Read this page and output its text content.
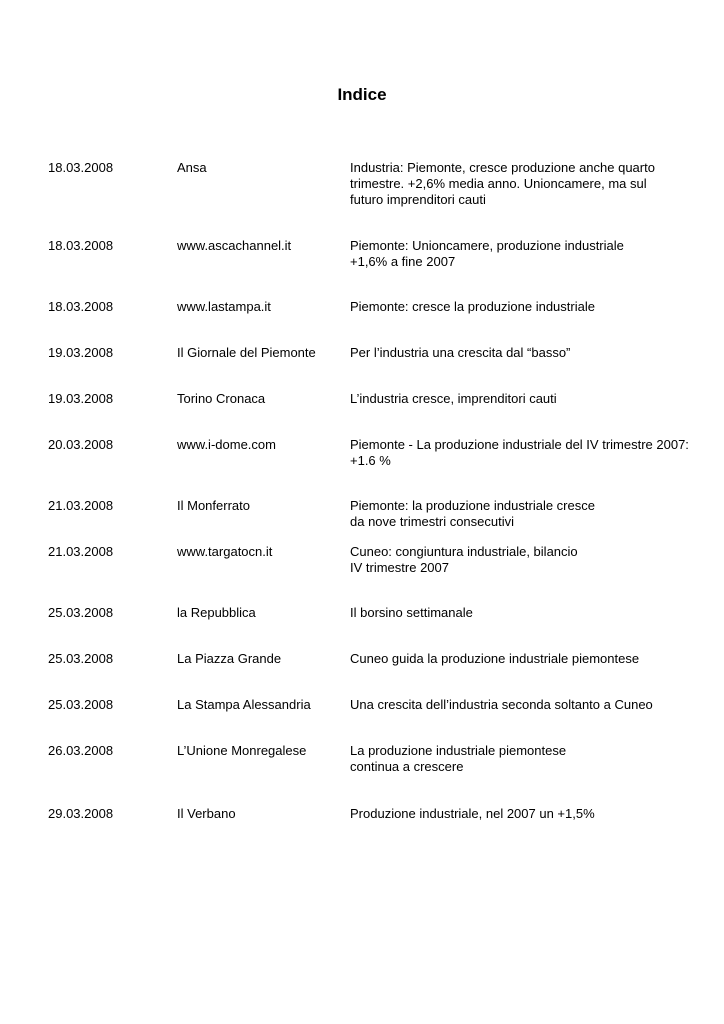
Indice
18.03.2008	Ansa	Industria: Piemonte, cresce produzione anche quarto
trimestre. +2,6% media anno. Unioncamere, ma sul
futuro imprenditori cauti
18.03.2008	www.ascachannel.it	Piemonte: Unioncamere, produzione industriale
+1,6% a fine 2007
18.03.2008	www.lastampa.it	Piemonte: cresce la produzione industriale
19.03.2008	Il Giornale del Piemonte	Per l’industria una crescita dal “basso”
19.03.2008	Torino Cronaca	L’industria cresce, imprenditori cauti
20.03.2008	www.i-dome.com	Piemonte - La produzione industriale del IV trimestre 2007:
+1.6 %
21.03.2008	Il Monferrato	Piemonte: la produzione industriale cresce
da nove trimestri consecutivi
21.03.2008	www.targatocn.it	Cuneo: congiuntura industriale, bilancio
IV trimestre 2007
25.03.2008	la Repubblica	Il borsino settimanale
25.03.2008	La Piazza Grande	Cuneo guida la produzione industriale piemontese
25.03.2008	La Stampa Alessandria	Una crescita dell’industria seconda soltanto a Cuneo
26.03.2008	L’Unione Monregalese	La produzione industriale piemontese
continua a crescere
29.03.2008	Il Verbano	Produzione industriale, nel 2007 un +1,5%
